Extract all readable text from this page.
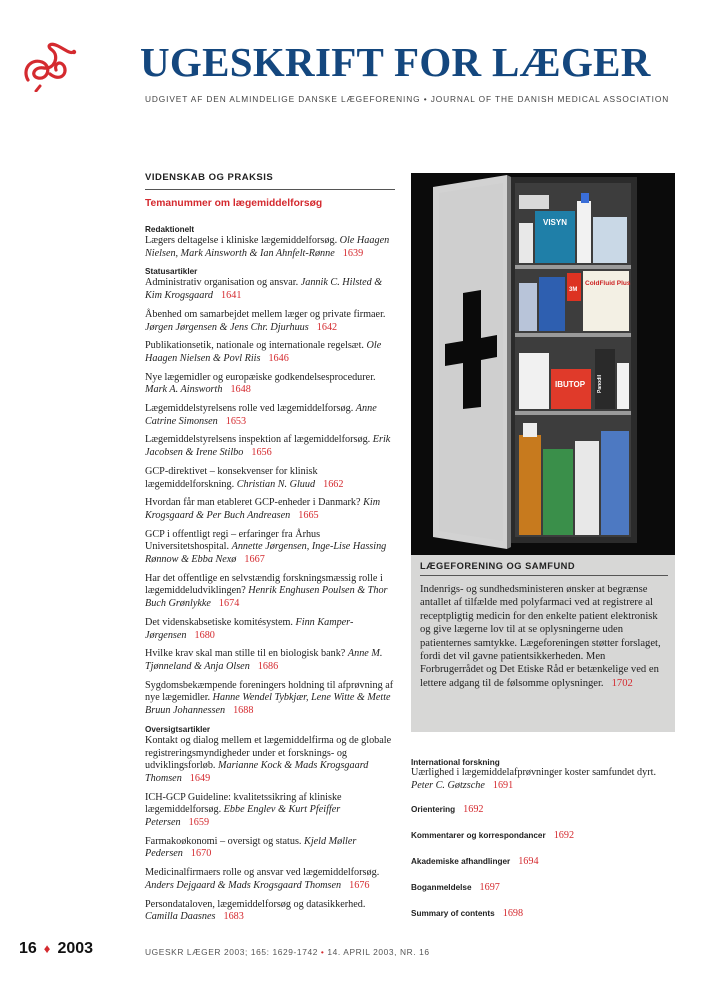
UGESKRIFT FOR LÆGER
UDGIVET AF DEN ALMINDELIGE DANSKE LÆGEFORENING • JOURNAL OF THE DANISH MEDICAL ASSOCIATION
VIDENSKAB OG PRAKSIS
Temanummer om lægemiddelforsøg
Redaktionelt
Lægers deltagelse i kliniske lægemiddelforsøg. Ole Haagen Nielsen, Mark Ainsworth & Ian Ahnfelt-Rønne 1639
Statusartikler
Administrativ organisation og ansvar. Jannik C. Hilsted & Kim Krogsgaard 1641
Åbenhed om samarbejdet mellem læger og private firmaer. Jørgen Jørgensen & Jens Chr. Djurhuus 1642
Publikationsetik, nationale og internationale regelsæt. Ole Haagen Nielsen & Povl Riis 1646
Nye lægemidler og europæiske godkendelsesprocedurer. Mark A. Ainsworth 1648
Lægemiddelstyrelsens rolle ved lægemiddelforsøg. Anne Catrine Simonsen 1653
Lægemiddelstyrelsens inspektion af lægemiddelforsøg. Erik Jacobsen & Irene Stilbo 1656
GCP-direktivet – konsekvenser for klinisk lægemiddelforskning. Christian N. Gluud 1662
Hvordan får man etableret GCP-enheder i Danmark? Kim Krogsgaard & Per Buch Andreasen 1665
GCP i offentligt regi – erfaringer fra Århus Universitetshospital. Annette Jørgensen, Inge-Lise Hassing Rønnow & Ebba Nexø 1667
Har det offentlige en selvstændig forskningsmæssig rolle i lægemiddeludviklingen? Henrik Enghusen Poulsen & Thor Buch Grønlykke 1674
Det videnskabsetiske komitésystem. Finn Kamper-Jørgensen 1680
Hvilke krav skal man stille til en biologisk bank? Anne M. Tjønneland & Anja Olsen 1686
Sygdomsbekæmpende foreningers holdning til afprøvning af nye lægemidler. Hanne Wendel Tybkjær, Lene Witte & Mette Bruun Johannessen 1688
Oversigtsartikler
Kontakt og dialog mellem et lægemiddelfirma og de globale registreringsmyndigheder under et forsknings- og udviklingsforløb. Marianne Kock & Mads Krogsgaard Thomsen 1649
ICH-GCP Guideline: kvalitetssikring af kliniske lægemiddelforsøg. Ebbe Englev & Kurt Pfeiffer Petersen 1659
Farmakoøkonomi – oversigt og status. Kjeld Møller Pedersen 1670
Medicinalfirmaers rolle og ansvar ved lægemiddelforsøg. Anders Dejgaard & Mads Krogsgaard Thomsen 1676
Persondataloven, lægemiddelforsøg og datasikkerhed. Camilla Daasnes 1683
VISYN
3M
ColdFluid Plus
IBUTOP Panodil
LÆGEFORENING OG SAMFUND
Indenrigs- og sundhedsministeren ønsker at begrænse antallet af tilfælde med polyfarmaci ved at registrere al receptpligtig medicin for den enkelte patient elektronisk og give lægerne lov til at se oplysningerne uden patienternes samtykke. Lægeforeningen støtter forslaget, fordi det vil gavne patientsikkerheden. Men Forbrugerrådet og Det Etiske Råd er betænkelige ved en lettere adgang til de følsomme oplysninger. 1702
International forskning
Uærlighed i lægemiddelafprøvninger koster samfundet dyrt. Peter C. Gøtzsche 1691
Orientering 1692
Kommentarer og korrespondancer 1692
Akademiske afhandlinger 1694
Boganmeldelse 1697
Summary of contents 1698
16 ♦ 2003	UGESKR LÆGER 2003; 165: 1629-1742 • 14. APRIL 2003, NR. 16
